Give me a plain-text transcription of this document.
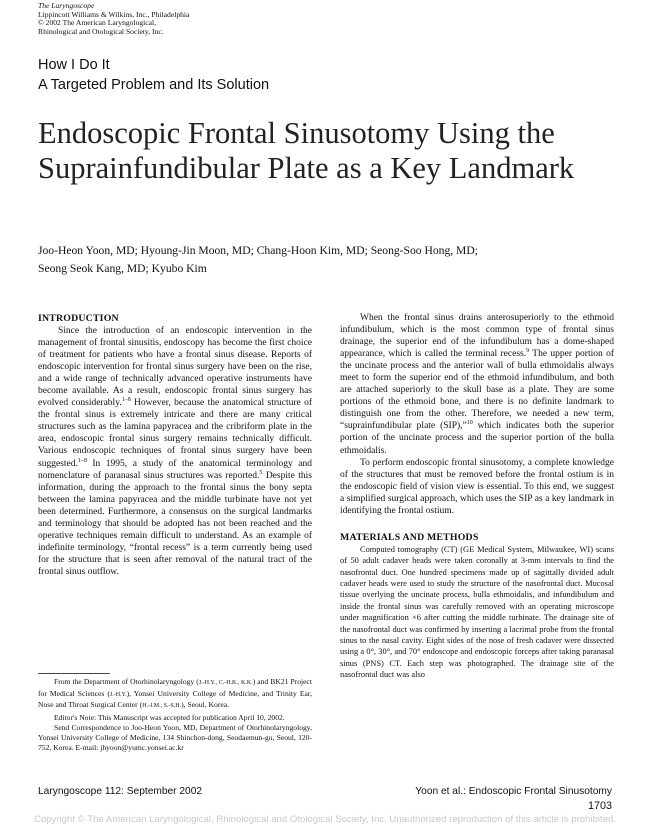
The Laryngoscope
Lippincott Williams & Wilkins, Inc., Philadelphia
© 2002 The American Laryngological,
Rhinological and Otological Society, Inc.
How I Do It
A Targeted Problem and Its Solution
Endoscopic Frontal Sinusotomy Using the Suprainfundibular Plate as a Key Landmark
Joo-Heon Yoon, MD; Hyoung-Jin Moon, MD; Chang-Hoon Kim, MD; Seong-Soo Hong, MD;
Seong Seok Kang, MD; Kyubo Kim
INTRODUCTION

Since the introduction of an endoscopic intervention in the management of frontal sinusitis, endoscopy has become the first choice of treatment for patients who have a frontal sinus disease. Reports of endoscopic intervention for frontal sinus surgery have been on the rise, and a wide range of technically advanced operative instruments have become available. As a result, endoscopic frontal sinus surgery has evolved considerably.$^{1-8}$ However, because the anatomical structure of the frontal sinus is extremely intricate and there are many critical structures such as the lamina papyracea and the cribriform plate in the area, endoscopic frontal sinus surgery remains technically difficult. Various endoscopic techniques of frontal sinus surgery have been suggested.$^{1-8}$ In 1995, a study of the anatomical terminology and nomenclature of paranasal sinus structures was reported.$^5$ Despite this information, during the approach to the frontal sinus the bony septa between the lamina papyracea and the middle turbinate have not yet been determined. Furthermore, a consensus on the surgical landmarks and terminology that should be adopted has not been reached and the operative techniques remain difficult to understand. As an example of indefinite terminology, “frontal recess” is a term currently being used for the structure that is seen after removal of the natural tract of the frontal sinus outflow.

When the frontal sinus drains anterosuperiorly to the ethmoid infundibulum, which is the most common type of frontal sinus drainage, the superior end of the infundibulum has a dome-shaped appearance, which is called the terminal recess.$^9$ The upper portion of the uncinate process and the anterior wall of bulla ethmoidalis always meet to form the superior end of the ethmoid infundibulum, and both are attached superiorly to the skull base as a plate. They are some portions of the ethmoid bone, and there is no definite landmark to distinguish one from the other. Therefore, we needed a new term, “suprainfundibular plate (SIP),”$^{10}$ which indicates both the superior portion of the uncinate process and the superior portion of the bulla ethmoidalis.

To perform endoscopic frontal sinusotomy, a complete knowledge of the structures that must be removed before the frontal ostium is in the endoscopic field of vision view is essential. To this end, we suggest a simplified surgical approach, which uses the SIP as a key landmark in identifying the frontal ostium.

MATERIALS AND METHODS

Computed tomography (CT) (GE Medical System, Milwaukee, WI) scans of 50 adult cadaver heads were taken coronally at 3-mm intervals to find the nasofrontal duct. One hundred specimens made up of sagittally divided adult cadaver heads were used to study the structure of the nasofrontal duct. Mucosal tissue overlying the uncinate process, bulla ethmoidalis, and infundibulum and inside the frontal sinus was carefully removed with an operating microscope under magnification ×6 after cutting the middle turbinate. The drainage site of the nasofrontal duct was confirmed by inserting a lacrimal probe from the frontal sinus to the nasal cavity. Eight sides of the nose of fresh cadaver were dissected using a 0°, 30°, and 70° endoscope and endoscopic forceps after taking paranasal sinus (PNS) CT. Each step was photographed. The drainage site of the nasofrontal duct was also

From the Department of Otorhinolaryngology (J.-H.Y., C.-H.K., K.K.) and BK21 Project for Medical Sciences (J.-H.Y.), Yonsei University College of Medicine, and Trinity Ear, Nose and Throat Surgical Center (H.-J.M., S.-S.H.), Seoul, Korea.

Editor's Note: This Manuscript was accepted for publication April 10, 2002.

Send Correspondence to Joo-Heon Yoon, MD, Department of Otorhinolaryngology, Yonsei University College of Medicine, 134 Shinchon-dong, Seodaemun-gu, Seoul, 120-752, Korea. E-mail: jhyoon@yumc.yonsei.ac.kr

Laryngoscope 112: September 2002	Yoon et al.: Endoscopic Frontal Sinusotomy
1703
Copyright © The American Laryngological, Rhinological and Otological Society, Inc. Unauthorized reproduction of this article is prohibited.
